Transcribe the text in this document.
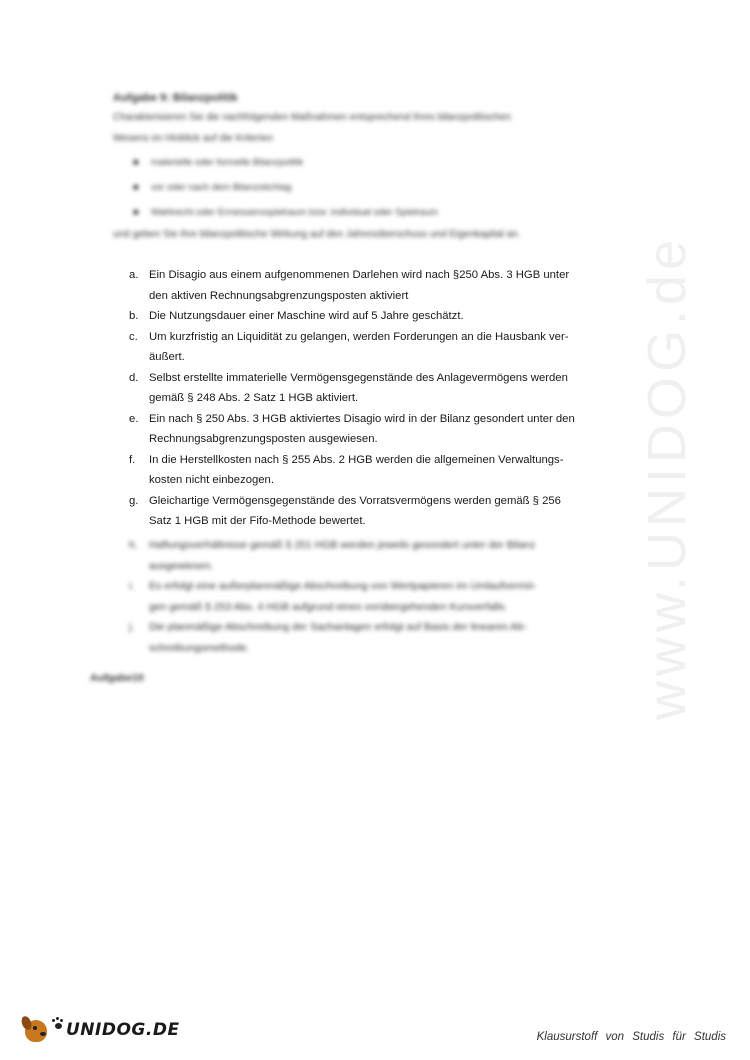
Aufgabe 9: Bilanzpolitik
Charakterisieren Sie die nachfolgenden Maßnahmen entsprechend ihres bilanzpolitischen
Wesens im Hinblick auf die Kriterien
■ materielle oder formelle Bilanzpolitik
■ vor oder nach dem Bilanzstichtag
■ Wahlrecht oder Ermessensspielraum bzw. Individual oder Spielraum
und geben Sie ihre bilanzpolitische Wirkung auf den Jahresüberschuss und Eigenkapital an.
a. Ein Disagio aus einem aufgenommenen Darlehen wird nach §250 Abs. 3 HGB unter
den aktiven Rechnungsabgrenzungsposten aktiviert
b. Die Nutzungsdauer einer Maschine wird auf 5 Jahre geschätzt.
c. Um kurzfristig an Liquidität zu gelangen, werden Forderungen an die Hausbank ver-
äußert.
d. Selbst erstellte immaterielle Vermögensgegenstände des Anlagevermögens werden
gemäß § 248 Abs. 2 Satz 1 HGB aktiviert.
e. Ein nach § 250 Abs. 3 HGB aktiviertes Disagio wird in der Bilanz gesondert unter den
Rechnungsabgrenzungsposten ausgewiesen.
f.	In die Herstellkosten nach § 255 Abs. 2 HGB werden die allgemeinen Verwaltungs-
kosten nicht einbezogen.
g. Gleichartige Vermögensgegenstände des Vorratsvermögens werden gemäß § 256
Satz 1 HGB mit der Fifo-Methode bewertet.
h.	Haftungsverhältnisse gemäß § 251 HGB werden jeweils gesondert unter der Bilanz
ausgewiesen.
i.	Es erfolgt eine außerplanmäßige Abschreibung von Wertpapieren im Umlaufvermö-
gen gemäß § 253 Abs. 4 HGB aufgrund eines vorübergehenden Kursverfalls.
j.	Die planmäßige Abschreibung der Sachanlagen erfolgt auf Basis der linearen Ab-
schreibungsmethode.
Aufgabe10	www.UNIDOG.de
UNIDOG.DE	Klausurstoff von Studis für Studis
